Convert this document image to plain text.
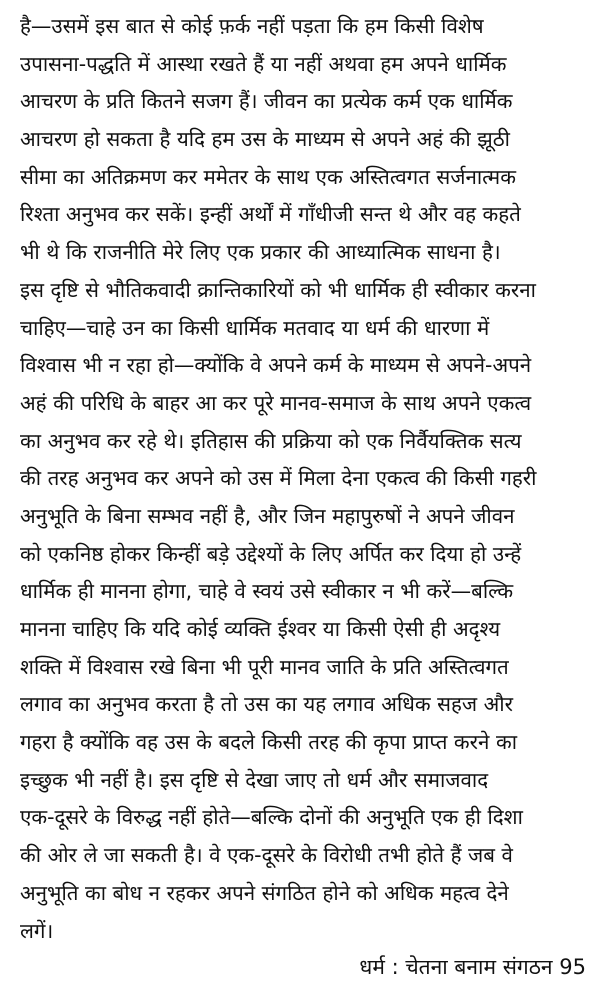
है—उसमें इस बात से कोई फ़र्क नहीं पड़ता कि हम किसी विशेष
उपासना-पद्धति में आस्था रखते हैं या नहीं अथवा हम अपने धार्मिक
आचरण के प्रति कितने सजग हैं। जीवन का प्रत्येक कर्म एक धार्मिक
आचरण हो सकता है यदि हम उस के माध्यम से अपने अहं की झूठी
सीमा का अतिक्रमण कर ममेतर के साथ एक अस्तित्वगत सर्जनात्मक
रिश्ता अनुभव कर सकें। इन्हीं अर्थों में गाँधीजी सन्त थे और वह कहते
भी थे कि राजनीति मेरे लिए एक प्रकार की आध्यात्मिक साधना है।
इस दृष्टि से भौतिकवादी क्रान्तिकारियों को भी धार्मिक ही स्वीकार करना
चाहिए—चाहे उन का किसी धार्मिक मतवाद या धर्म की धारणा में
विश्वास भी न रहा हो—क्योंकि वे अपने कर्म के माध्यम से अपने-अपने
अहं की परिधि के बाहर आ कर पूरे मानव-समाज के साथ अपने एकत्व
का अनुभव कर रहे थे। इतिहास की प्रक्रिया को एक निर्वैयक्तिक सत्य
की तरह अनुभव कर अपने को उस में मिला देना एकत्व की किसी गहरी
अनुभूति के बिना सम्भव नहीं है, और जिन महापुरुषों ने अपने जीवन
को एकनिष्ठ होकर किन्हीं बड़े उद्देश्यों के लिए अर्पित कर दिया हो उन्हें
धार्मिक ही मानना होगा, चाहे वे स्वयं उसे स्वीकार न भी करें—बल्कि
मानना चाहिए कि यदि कोई व्यक्ति ईश्वर या किसी ऐसी ही अदृश्य
शक्ति में विश्वास रखे बिना भी पूरी मानव जाति के प्रति अस्तित्वगत
लगाव का अनुभव करता है तो उस का यह लगाव अधिक सहज और
गहरा है क्योंकि वह उस के बदले किसी तरह की कृपा प्राप्त करने का
इच्छुक भी नहीं है। इस दृष्टि से देखा जाए तो धर्म और समाजवाद
एक-दूसरे के विरुद्ध नहीं होते—बल्कि दोनों की अनुभूति एक ही दिशा
की ओर ले जा सकती है। वे एक-दूसरे के विरोधी तभी होते हैं जब वे
अनुभूति का बोध न रहकर अपने संगठित होने को अधिक महत्व देने
लगें।
धर्म : चेतना बनाम संगठन 95
